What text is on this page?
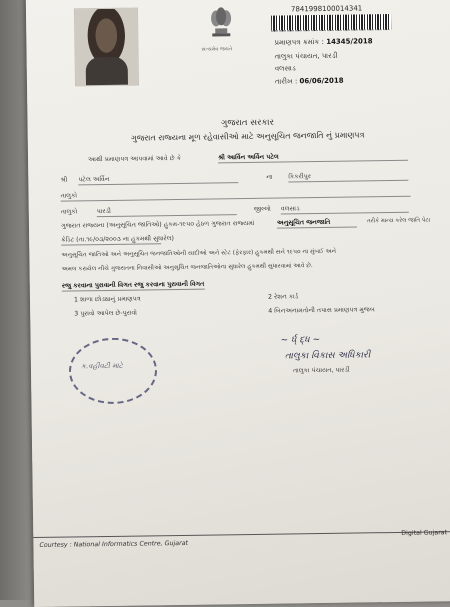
સત્યમેવ જયતે
7841998100014341
પ્રમાણપત્ર ક્રમાંક : 14345/2018
તાલુકા પંચાયત, પારડી
વલસાડ
તારીખ : 06/06/2018
ગુજરાત સરકાર
ગુજરાત રાજ્યના મૂળ રહેવાસીઓ માટે અનુસૂચિત જનજાતિ નું પ્રમાણપત્ર
આથી પ્રમાણપત્ર આપવામાં આવે છે કે	શ્રી આર્વિન અર્વિન પટેલ
શ્રી પટેલ અર્વિન	ના કિકરીપુર
તાલુકો
તાલુકો	પારડી	જીલ્લો વલસાડ
ગુજરાત રાજ્યના (અનુસૂચિત જાતિઓ) હુકમ-૧૯૫૦ હેઠળ ગુજરાત રાજ્યમાં	અનુસૂચિત જનજાતિ	તરીકે માન્ય કરેલ જાતિ પેટા
ક્રેડિટ (તા.૧૯/૦૩/૨૦૦૩ ના હુકમથી સુધારેલ)
અનુસૂચિત જાતિઓ અને અનુસૂચિત જનજાતિઓની યાદીઓ અને સ્ટેટ (ફેરફાર) હુકમથી સને ૧૯૫૦ ના મુંબઈ અને
અમલ કરાયેલ નીચે ગુજરાતના નિવાસીઓ અનુસૂચિત જનજાતિઓના સુધારેલ હુકમથી સુધારવામાં આવે છે.
રજુ કરવાના પુરાવાની વિગત રજુ કરવાના પુરાવાની વિગત
1 શાળા છોડ્યાનું પ્રમાણપત્ર	2 રેશન કાર્ડ
3 પુરાવો આપેલ છે-પુરાવો	4 બિનઅનામતોની તપાસ પ્રમાણપત્ર મુજબ
ક.વહીવટી માટે
~ ર્ધ્ દ્ધ ~
તાલુકા વિકાસ અધિકારી
તાલુકા પંચાયત, પારડી
Courtesy : National Informatics Centre, Gujarat
Digital Gujarat
